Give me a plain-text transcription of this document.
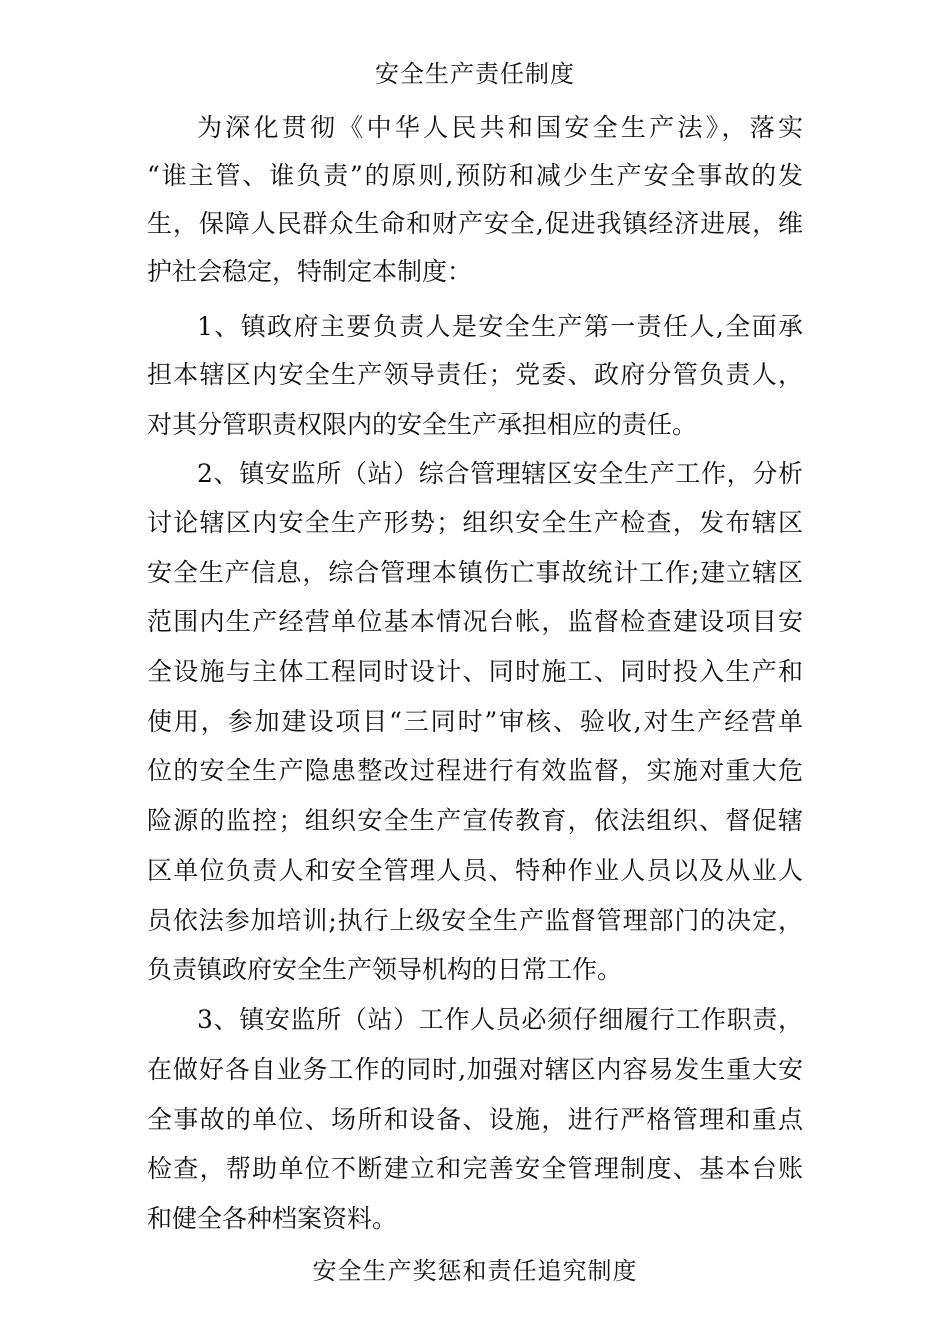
安全生产责任制度
为深化贯彻《中华人民共和国安全生产法》，落实
“谁主管、谁负责”的原则,预防和减少生产安全事故的发
生，保障人民群众生命和财产安全,促进我镇经济进展，维
护社会稳定，特制定本制度：
1、镇政府主要负责人是安全生产第一责任人,全面承
担本辖区内安全生产领导责任；党委、政府分管负责人，
对其分管职责权限内的安全生产承担相应的责任。
2、镇安监所（站）综合管理辖区安全生产工作，分析
讨论辖区内安全生产形势；组织安全生产检查，发布辖区
安全生产信息，综合管理本镇伤亡事故统计工作;建立辖区
范围内生产经营单位基本情况台帐，监督检查建设项目安
全设施与主体工程同时设计、同时施工、同时投入生产和
使用，参加建设项目“三同时”审核、验收,对生产经营单
位的安全生产隐患整改过程进行有效监督，实施对重大危
险源的监控；组织安全生产宣传教育，依法组织、督促辖
区单位负责人和安全管理人员、特种作业人员以及从业人
员依法参加培训;执行上级安全生产监督管理部门的决定，
负责镇政府安全生产领导机构的日常工作。
3、镇安监所（站）工作人员必须仔细履行工作职责，
在做好各自业务工作的同时,加强对辖区内容易发生重大安
全事故的单位、场所和设备、设施，进行严格管理和重点
检查，帮助单位不断建立和完善安全管理制度、基本台账
和健全各种档案资料。
安全生产奖惩和责任追究制度
